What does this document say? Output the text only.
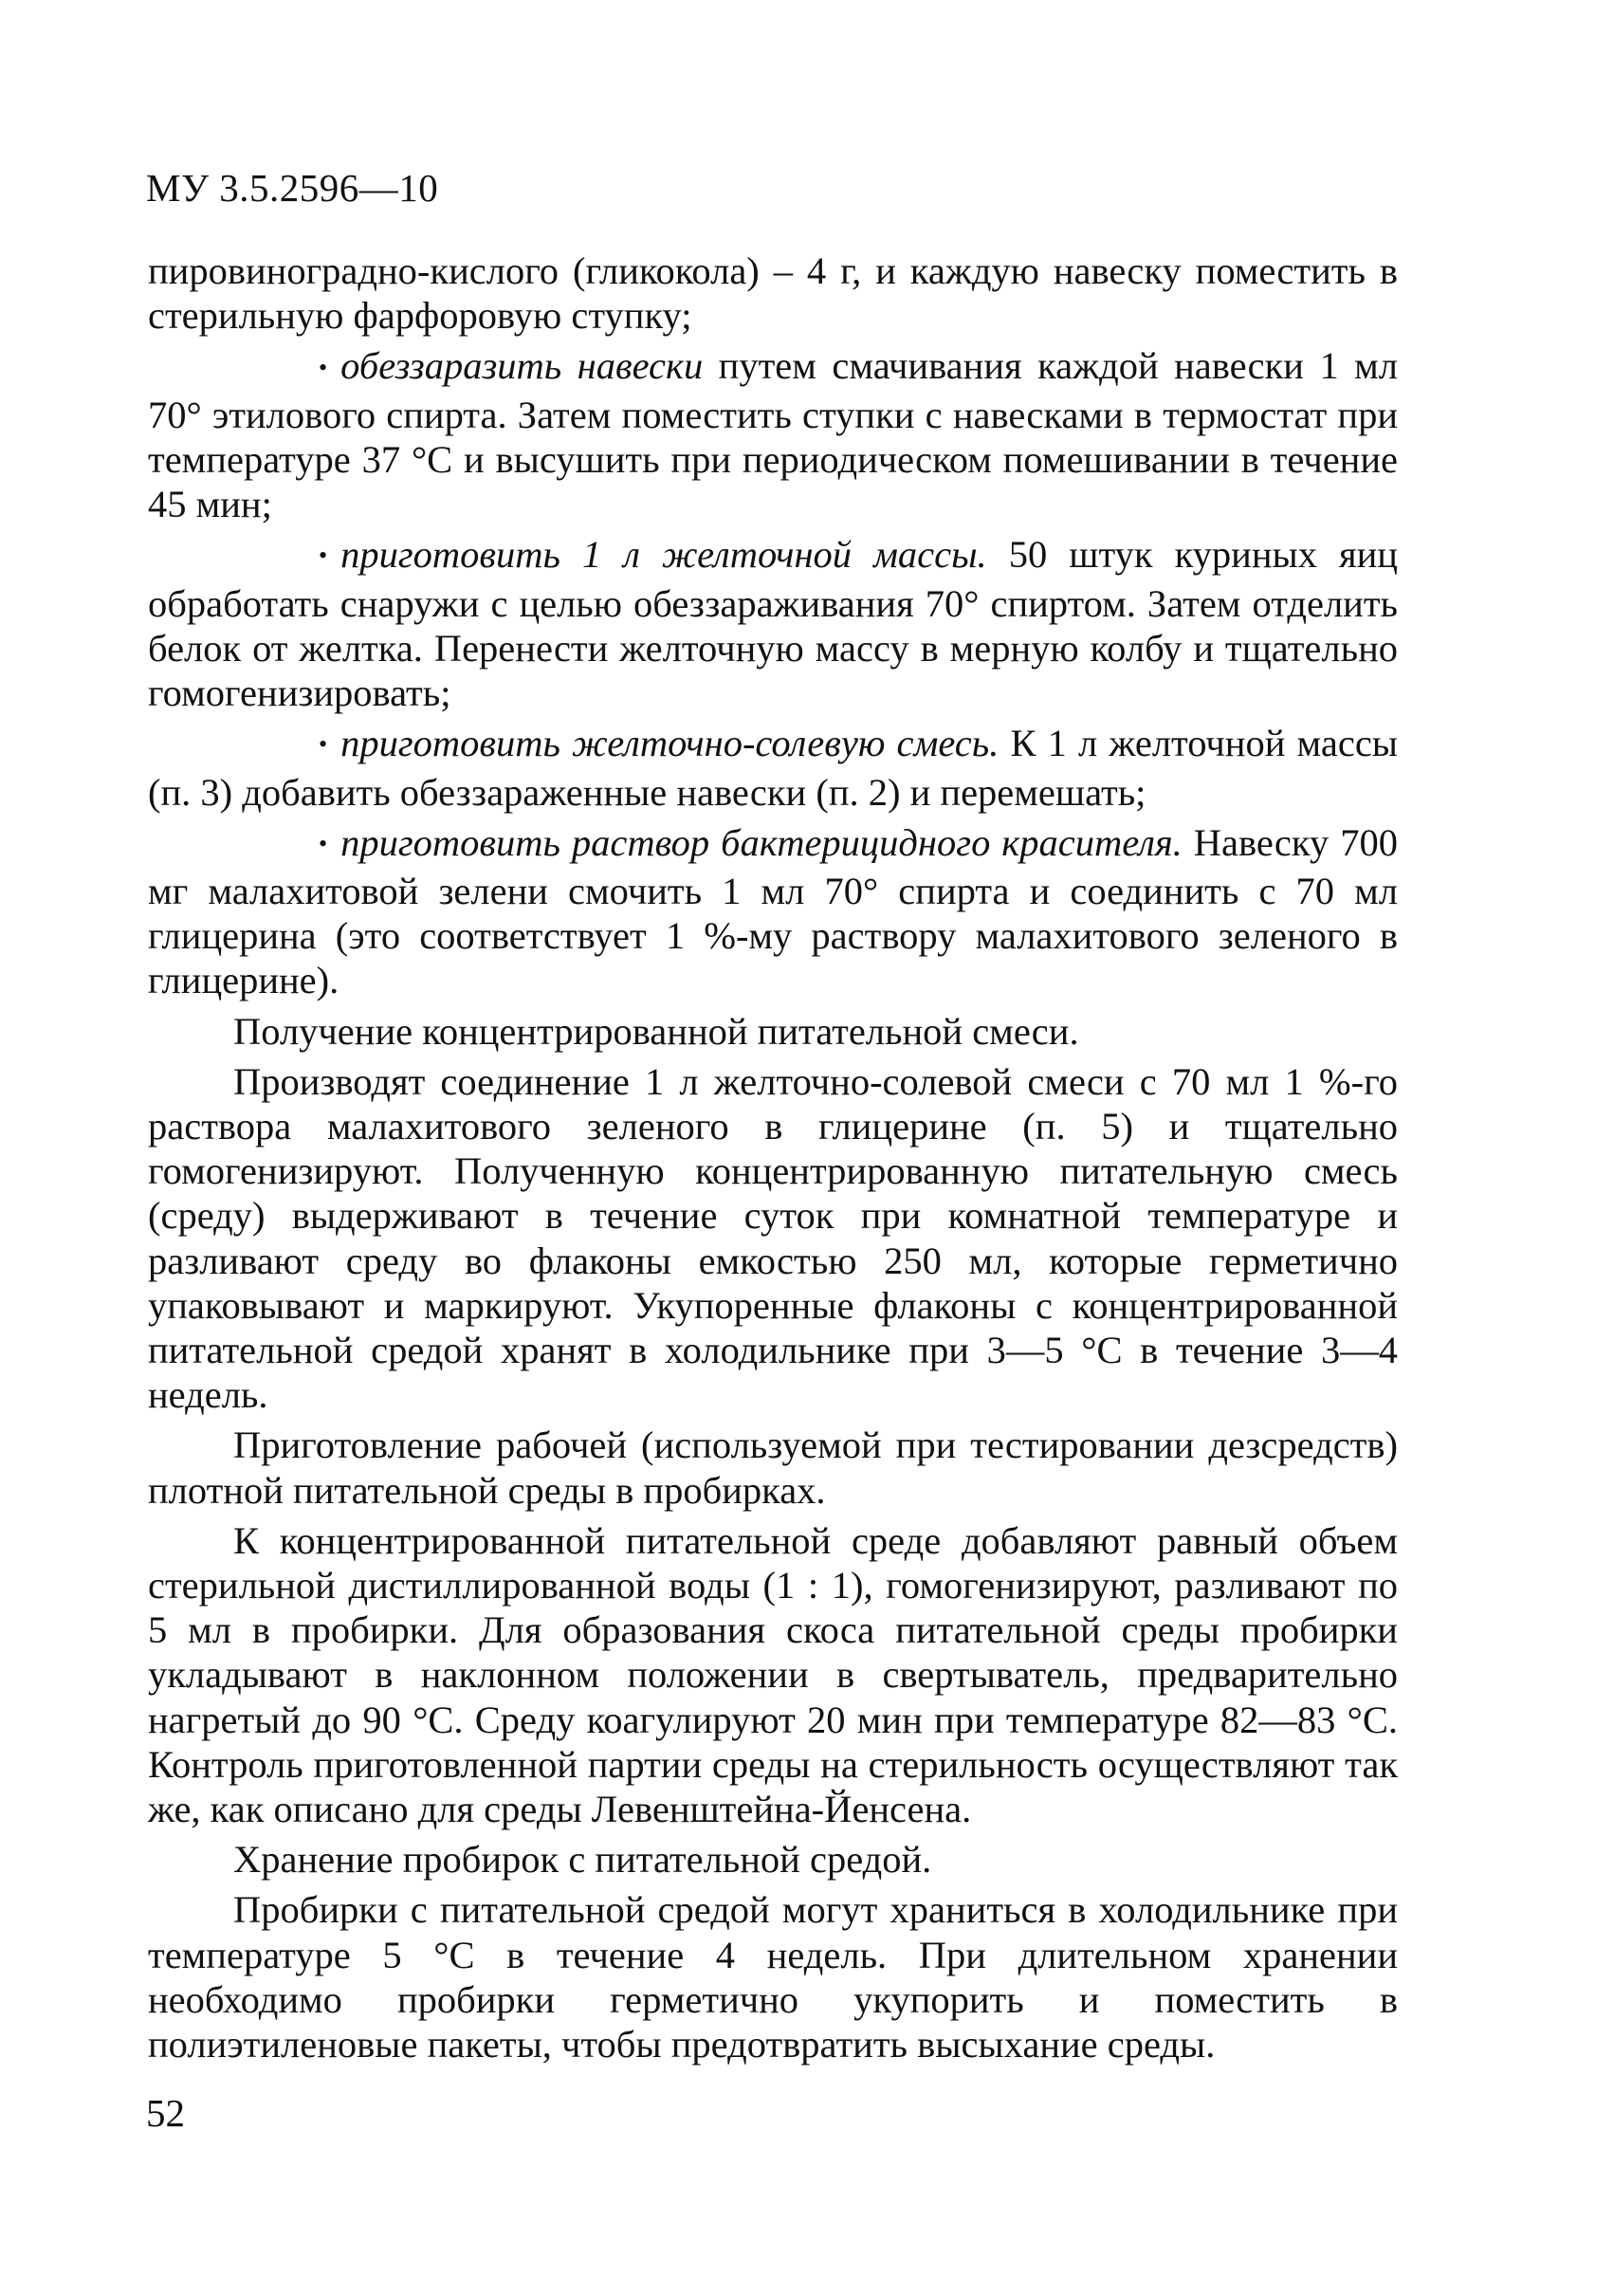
МУ 3.5.2596—10

пировиноградно-кислого (гликокола) – 4 г, и каждую навеску поместить в стерильную фарфоровую ступку;

• обеззаразить навески путем смачивания каждой навески 1 мл 70° этилового спирта. Затем поместить ступки с навесками в термостат при температуре 37 °С и высушить при периодическом помешивании в течение 45 мин;

• приготовить 1 л желточной массы. 50 штук куриных яиц обработать снаружи с целью обеззараживания 70° спиртом. Затем отделить белок от желтка. Перенести желточную массу в мерную колбу и тщательно гомогенизировать;

• приготовить желточно-солевую смесь. К 1 л желточной массы (п. 3) добавить обеззараженные навески (п. 2) и перемешать;

• приготовить раствор бактерицидного красителя. Навеску 700 мг малахитовой зелени смочить 1 мл 70° спирта и соединить с 70 мл глицерина (это соответствует 1 %-му раствору малахитового зеленого в глицерине).

Получение концентрированной питательной смеси.

Производят соединение 1 л желточно-солевой смеси с 70 мл 1 %-го раствора малахитового зеленого в глицерине (п. 5) и тщательно гомогенизируют. Полученную концентрированную питательную смесь (среду) выдерживают в течение суток при комнатной температуре и разливают среду во флаконы емкостью 250 мл, которые герметично упаковывают и маркируют. Укупоренные флаконы с концентрированной питательной средой хранят в холодильнике при 3—5 °С в течение 3—4 недель.

Приготовление рабочей (используемой при тестировании дезсредств) плотной питательной среды в пробирках.

К концентрированной питательной среде добавляют равный объем стерильной дистиллированной воды (1 : 1), гомогенизируют, разливают по 5 мл в пробирки. Для образования скоса питательной среды пробирки укладывают в наклонном положении в свертыватель, предварительно нагретый до 90 °С. Среду коагулируют 20 мин при температуре 82—83 °С. Контроль приготовленной партии среды на стерильность осуществляют так же, как описано для среды Левенштейна-Йенсена.

Хранение пробирок с питательной средой.

Пробирки с питательной средой могут храниться в холодильнике при температуре 5 °С в течение 4 недель. При длительном хранении необходимо пробирки герметично укупорить и поместить в полиэтиленовые пакеты, чтобы предотвратить высыхание среды.

52
